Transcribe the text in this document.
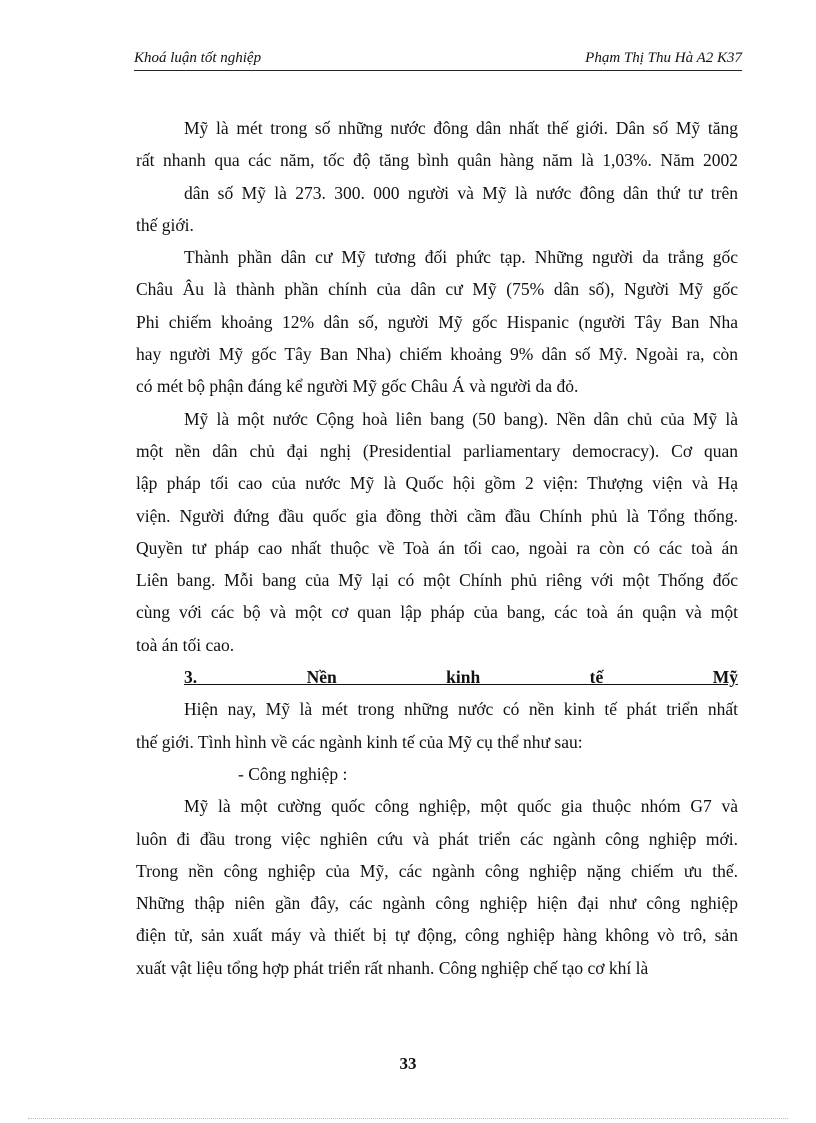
Khoá luận tốt nghiệp	Phạm Thị Thu Hà A2 K37
Mỹ là mét trong số những nước đông dân nhất thế giới. Dân số Mỹ tăng
rất nhanh qua các năm, tốc độ tăng bình quân hàng năm là 1,03%. Năm 2002
dân số Mỹ là 273. 300. 000 người và Mỹ là nước đông dân thứ tư trên
thế giới.
Thành phần dân cư Mỹ tương đối phức tạp. Những người da trắng gốc
Châu Âu là thành phần chính của dân cư Mỹ (75% dân số), Người Mỹ gốc
Phi chiếm khoảng 12% dân số, người Mỹ gốc Hispanic (người Tây Ban Nha
hay người Mỹ gốc Tây Ban Nha) chiếm khoảng 9% dân số Mỹ. Ngoài ra, còn
có mét bộ phận đáng kể người Mỹ gốc Châu Á và người da đỏ.
Mỹ là một nước Cộng hoà liên bang (50 bang). Nền dân chủ của Mỹ là
một nền dân chủ đại nghị (Presidential parliamentary democracy). Cơ quan
lập pháp tối cao của nước Mỹ là Quốc hội gồm 2 viện: Thượng viện và Hạ
viện. Người đứng đầu quốc gia đồng thời cầm đầu Chính phủ là Tổng thống.
Quyền tư pháp cao nhất thuộc về Toà án tối cao, ngoài ra còn có các toà án
Liên bang. Mỗi bang của Mỹ lại có một Chính phủ riêng với một Thống đốc
cùng với các bộ và một cơ quan lập pháp của bang, các toà án quận và một
toà án tối cao.
3. Nền kinh tế Mỹ
Hiện nay, Mỹ là mét trong những nước có nền kinh tế phát triển nhất
thế giới. Tình hình về các ngành kinh tế của Mỹ cụ thể như sau:
- Công nghiệp :
Mỹ là một cường quốc công nghiệp, một quốc gia thuộc nhóm G7 và
luôn đi đầu trong việc nghiên cứu và phát triển các ngành công nghiệp mới.
Trong nền công nghiệp của Mỹ, các ngành công nghiệp nặng chiếm ưu thế.
Những thập niên gần đây, các ngành công nghiệp hiện đại như công nghiệp
điện tử, sản xuất máy và thiết bị tự động, công nghiệp hàng không vò trô, sản
xuất vật liệu tổng hợp phát triển rất nhanh. Công nghiệp chế tạo cơ khí là
33
